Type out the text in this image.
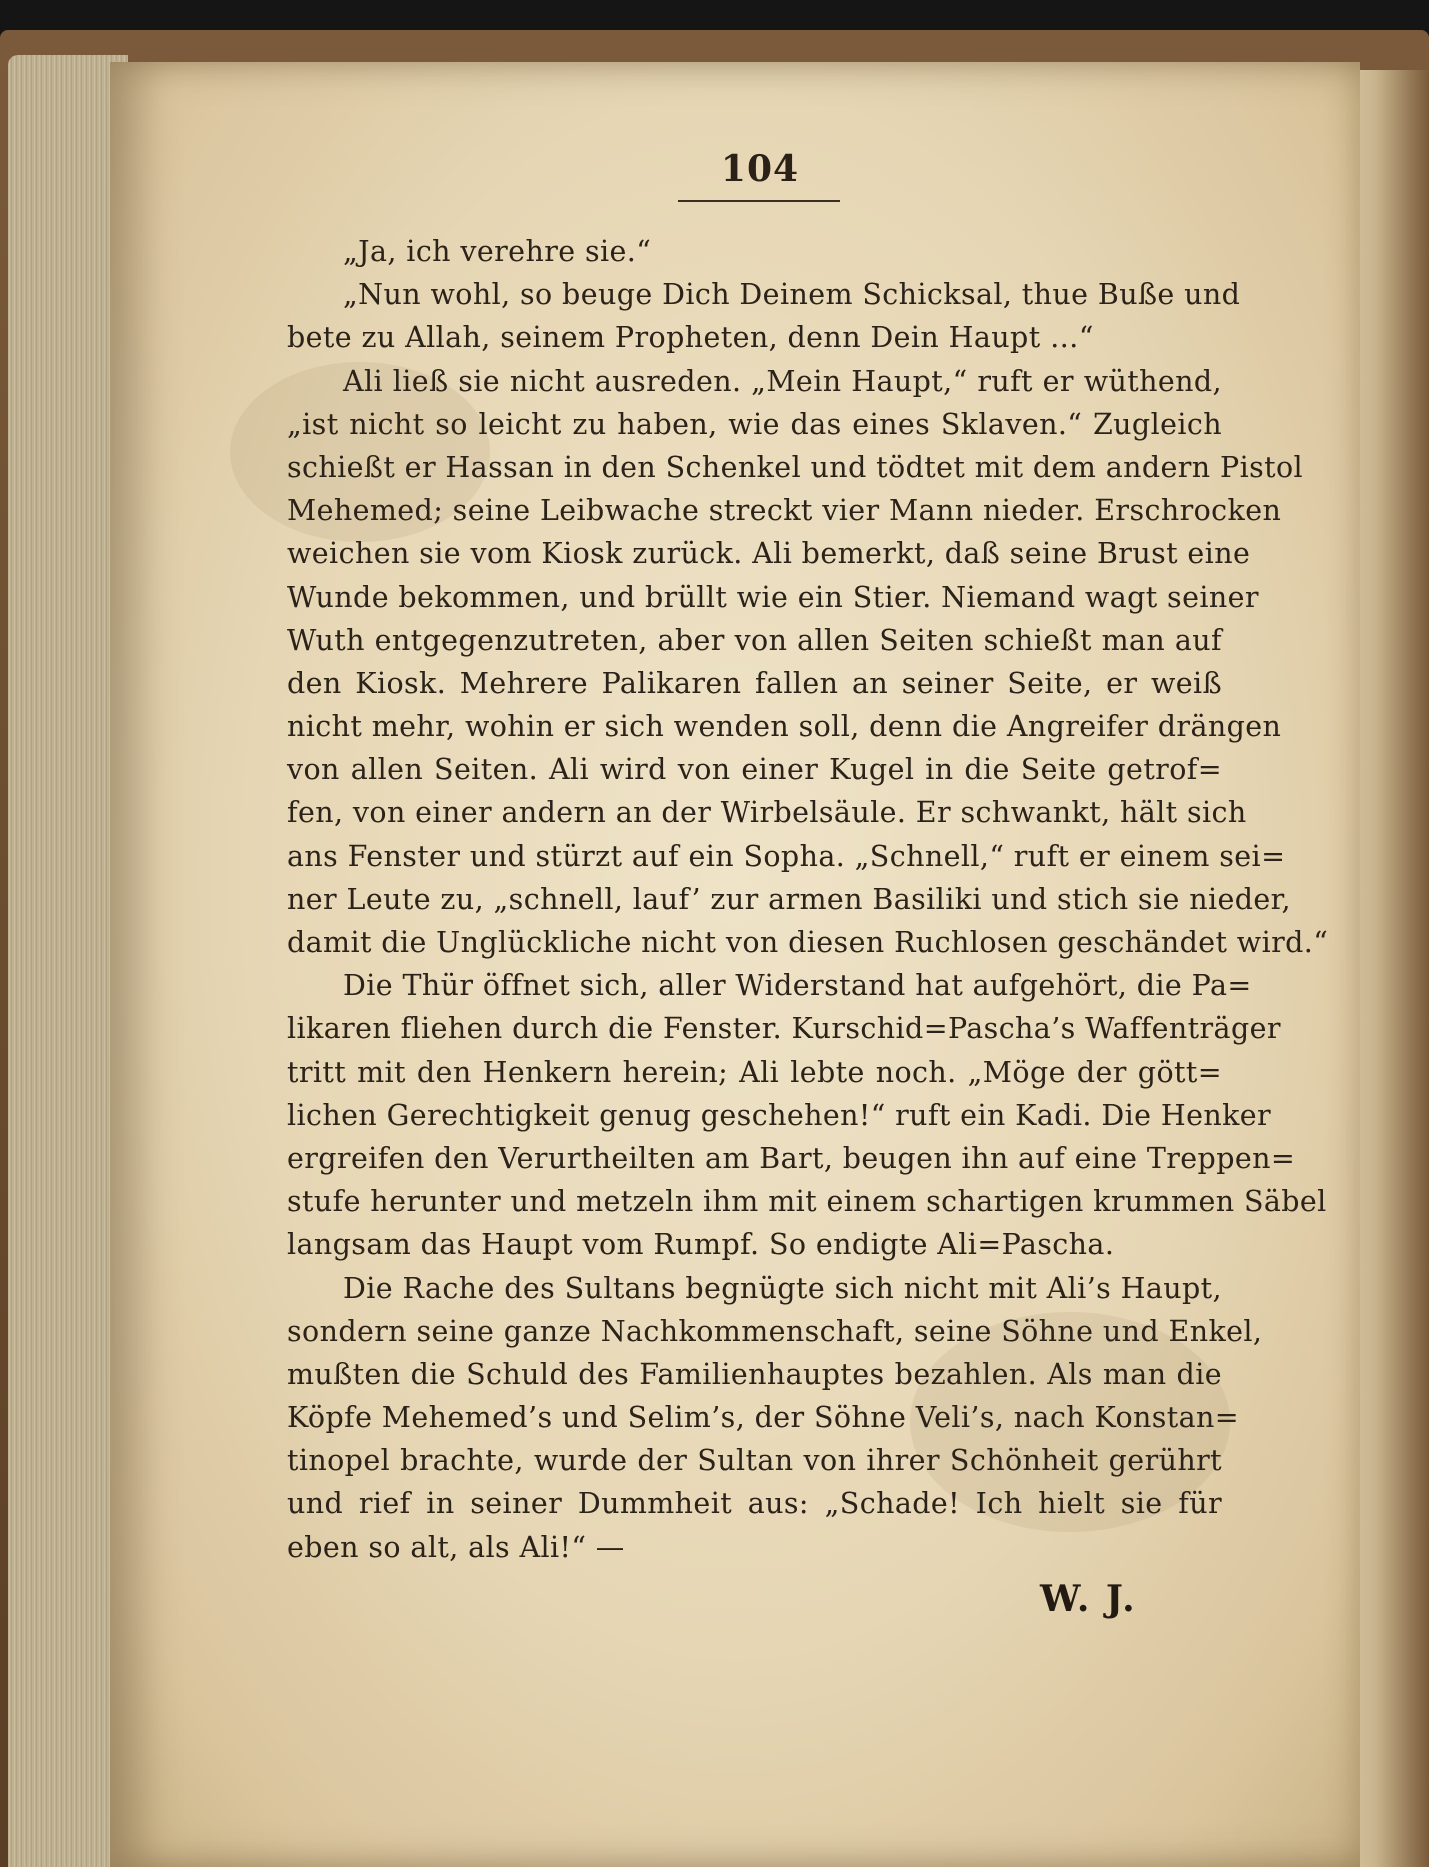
104
„Ja, ich verehre sie.“
„Nun wohl, so beuge Dich Deinem Schicksal, thue Buße und
bete zu Allah, seinem Propheten, denn Dein Haupt …“
Ali ließ sie nicht ausreden. „Mein Haupt,“ ruft er wüthend,
„ist nicht so leicht zu haben, wie das eines Sklaven.“ Zugleich
schießt er Hassan in den Schenkel und tödtet mit dem andern Pistol
Mehemed; seine Leibwache streckt vier Mann nieder. Erschrocken
weichen sie vom Kiosk zurück. Ali bemerkt, daß seine Brust eine
Wunde bekommen, und brüllt wie ein Stier. Niemand wagt seiner
Wuth entgegenzutreten, aber von allen Seiten schießt man auf
den Kiosk. Mehrere Palikaren fallen an seiner Seite, er weiß
nicht mehr, wohin er sich wenden soll, denn die Angreifer drängen
von allen Seiten. Ali wird von einer Kugel in die Seite getrof=
fen, von einer andern an der Wirbelsäule. Er schwankt, hält sich
ans Fenster und stürzt auf ein Sopha. „Schnell,“ ruft er einem sei=
ner Leute zu, „schnell, lauf’ zur armen Basiliki und stich sie nieder,
damit die Unglückliche nicht von diesen Ruchlosen geschändet wird.“
Die Thür öffnet sich, aller Widerstand hat aufgehört, die Pa=
likaren fliehen durch die Fenster. Kurschid=Pascha’s Waffenträger
tritt mit den Henkern herein; Ali lebte noch. „Möge der gött=
lichen Gerechtigkeit genug geschehen!“ ruft ein Kadi. Die Henker
ergreifen den Verurtheilten am Bart, beugen ihn auf eine Treppen=
stufe herunter und metzeln ihm mit einem schartigen krummen Säbel
langsam das Haupt vom Rumpf. So endigte Ali=Pascha.
Die Rache des Sultans begnügte sich nicht mit Ali’s Haupt,
sondern seine ganze Nachkommenschaft, seine Söhne und Enkel,
mußten die Schuld des Familienhauptes bezahlen. Als man die
Köpfe Mehemed’s und Selim’s, der Söhne Veli’s, nach Konstan=
tinopel brachte, wurde der Sultan von ihrer Schönheit gerührt
und rief in seiner Dummheit aus: „Schade! Ich hielt sie für
eben so alt, als Ali!“ —
W. J.
